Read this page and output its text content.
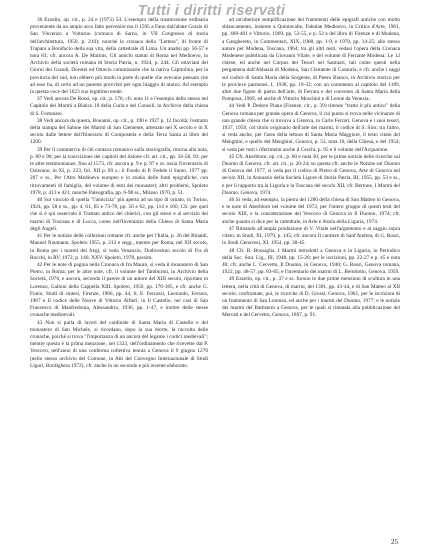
Tutti i diritti riservati

36 Ezzelin, op. cit., p. 24 e (1973) 54. L'esempio della trasmissione ordinaria proveniente da un ampio arco fatto pervenire ma il 1595 a Fano dall'abate Grazie di San Vincenzo a Volturno (cronaca di Sarno, in VII Congresso di storia dell'architettura, 1950, p. 210); nonché la cronaca della "Lettera", di fronte di Trapani a Bonifacio della sua vita, della cattedrale di Lima. Un analisi pp. 56-57 e nota 83; cfr. ancora A. De Marinis, Gli antichi statuti di Roma nel Medioevo, in Archivio della società romana di Storia Patria, n. 1924, p. 244. Gli ottaviani del Giorni dei Grandi, Dorotei ed Ottavio commissarie che la nativa Capitolina, per la provincia del sud, non ebbero più modo la parte di quelle che avevano pensato che ad esse ha, di certo ad un parente provvisti per ogni biaggio di marzo. Ad esempio la questa voce del 1623 suo legittimo erede.

37 Vedi ancora De Rossi, op. cit., p. 176; cfr. nota 11 e l'esempio dello stesso nel Capitolo dei Marmi a Bianco 18 della Curia e dei Consoli, in Archivio della chiesa di S. Fortunato.

38 Vedi ancora da questa, Bonanni, op. cit., p. 190 e 1927 p. 12 facoltà; l'estratto della stampa del Salone dei Marmi di San Clemente, attestato nel X secolo e in X secolo dalle lettere dell'Itinerario di Compostela e della Terra Santa al libro del 1200.

39 Per il commercio di chi contava romanico sulla storiografia, ritorna alla nota, p. 89 e 90; per la trascrizione dei capitoli del Salone cfr. art. cit., pp. 56-58, 93; per le altre testimonianze, fino al 1573, cfr. ancora p. 9 e p. 97 e ss. ossia l'inventario di Ozierano, in XI, p. 223, fol. XII p. 89 s.; il Fondo di P. Fedele il Santo, 1977 pp. 207 e ss., Per l'Alto Medioevo europeo e lo studio delle fonti epigrafiche, con ritrovamenti di famiglia, del volume di testi dei monasteri; altri problemi, Spoleto 1978, p. 413 e 421, nonché Paleografia, pp. 6-98 ss., Milano 1970, p. 51.

40 Sul vincolo di quella "l'amicizia" più aperta ad un tipo di ornato, in Torino, 1924, pp. 58 e ss., pp. 4, 61, 65 e 73-78, pp. 56 e 62, pp. 114 e 160, Cfr. per quel che si è qui osservato il Trattato antico dei chierici, con gli stessi e al servizio dei marmi di Toscana e di Lucca, come nell'Inventario della Chiesa di Santa Maria degli Angeli.

41 Per le notizie delle collezioni romane cfr. anche per l'Italia, p. 26 del Rinaldi, Manuel Naumann, Spoleto 1955, p. 212 e segg., mentre per Roma, nel XII secolo, in Roma per i marmi dei fregi, si veda Venanzio, Dodicesimo secolo di Fra di Rocchi, in RV, 1972, p. 140, XXV. Spoleto, 1978, passim.

42 Per le note di pagina nella Cronaca di fra Mauro, si veda il monastero di San Pietro, in Roma; per le altre note, cfr. il volume del Tamburini, in Archivio della Società, 1976, e ancora, secondo il parere di un autore del XIII secolo, riportato in Lorenzo, Galloni della Cappella XIII. Spoleto, 1950, pp. 176-185, e cfr. anche G. Fonio, Studi di sintesi, Firenze, 1966, pp. 44, 6; E. Ferrazzi, Leonardo, Ferrara, 1967 e Il codice delle Nuove di Vittorio Alfieri, in Il Castello, nei casi di San Francesco di Manfredonia, Alessandria, 1936, pp. 1-47, e inoltre delle stesse cronache medioevali.

43 Non si parla di lavori del cardinale di Santa Maria di Castello e del monastero di San Michele, si ricordano, dopo la sua morte, la raccolta delle cronache, poiché si trova "l'importanza di un ancora del legame i codici medievali"; mentre questa è la prima menzione, nel 1323, dell'ordinamento che ricevette dal P. Vescovo, nell'anno di una conferma collettiva tenuta a Genova il 9 giugno 1270 (nello stesso archivio del Comune, in Atti del Convegno Internazionale di Studi Liguri, Bordighera 1972), cfr. anche in un secondo e più recente elaborato.

ad un'ulteriore semplificazione dei frammenti delle epigrafi antiche con molto sbiancamento, insieme a Quintavalle, Fabulae Medioevo, in Critica d'Arte, 1961, pp. 400-401 e Vittorio, 1969, pp. 53-55, e p. 52 e del libro di Firenze e di Modena, a Ganghereto, in Commentari, XIX, 1968, pp. 1-9, e 1970, pp. 14-25; allo stesso autore per Modena, Toscana, 1964; tra gli altri testi, vedasi l'opera della Cronaca Modenese pubblicata da Giovanni Vitale, e del volume di Ferrante Modena: Le 12 chiese, ed anche nel Corpus dei Tesori nei Santuari, tali come questi nella pergamena dall'Abbazia di Modena, San Clemente di Casauria, e cfr. anche i saggi sul codice di Santa Maria della Sorgente, di Pietro Bianco, in Archivio storico per le province parmensi, I, 1938, pp. 19-32; con un commento al capitolo del 1189, altre due figure di pietra dell'arte, di Ferrara e del convento di Santa Maria della Pomposa, 1969, ed anche di Vittorio Moschini e di Leone da Venezia.

44 Vedi P. Dedore Piana (Firenze, cit., p. 39) ritenne "tratto il più antico" della Genova romana per grande opera di Genova, il cui punto si trova nelle vicinanze di una grande chiesa che si trovava a Genova, in Carlo Ferrari, Genova e i suoi tesori, 1937, 1959, col titolo originario dell'arte dei marmi, il codice di S. Siro; tra l'altro, si veda anche, per l'area della lettura di Santa Maria Maggiore, il testo citato del Menghini, e quello del Menghini, Genova, p. 53, nota 10, della Chiesa, e del 1954; si veda per tutti i riferimenti anche il Ceschi, p. 95 e il volume dell'Acquarone.

45 Cfr. Akerblom, op. cit., p. 60 e nota 30; per le prime notizie delle ricerche sul Duomo di Genova, cfr. art. cit., p. 20-24; su questa cfr. anche le Notizie sul Duomo di Genova del 1977, si veda per il codice di Pietro di Genova, Arte di Genova nel secolo XII, in Annuario della Società Ligure di Storia Patria, III, 1955, pp. 53 e ss., e per il rapporto tra la Liguria e la Toscana del secolo XII, cfr. Bertone, I Marmi del Duomo, Genova, 1974.

46 Si veda, ad esempio, la pietra del 1280 della chiesa di San Matteo in Genova, e le note di Akerblom nel volume del 1972, per l'intero gruppo di questi testi del secolo XIII, e la considerazione del Vescovo di Genova in Il Duomo, 1974; cfr. anche quanto si dice per la cattedrale, in Arte e Storia della Liguria, 1974.

47 Rimando all'ampia produzione di V. Vitale nell'argomento e al saggio sopra citato, in Studi, XI, 1979, p. 145; cfr. ancora Il cantiere di Sant'Andrea, di G. Rossi, in Studi Genovesi, XI, 1954, pp. 38-45.

48 Cfr. R. Bossaglia, I Marmi introdotti a Genova e in Liguria, in Periodico della Soc. Stor. Lig., III, 1948, pp. 15-28; per le iscrizioni, pp. 22-27 e p. 45 e nota 40; cfr. anche L. Cervetto, Il Duomo, in Genova, 1940; G. Rossi, Genova romana, 1922, pp. 48-57, pp. 83-85, e l'inventario dei marmi di L. Bertolotto, Genova, 1959.

49 Ezzelin, op. cit., p. 37 e ss. furono le due prime menzioni di scultura in una lettera, nella città di Genova, di marmi, del 1301, pp. 43-44, e di San Matteo al XII secolo; confrontate, poi, le ricerche di D. Grossi, Genova, 1961, per le iscrizioni di un frammento di San Lorenzo, ed anche per i marmi del Duomo, 1977; e le notizie dei marmi del Battistero a Genova, per le quali si rimanda alla pubblicazione del Mercati e del Cervetto, Genova, 1897, p. 91.

25
